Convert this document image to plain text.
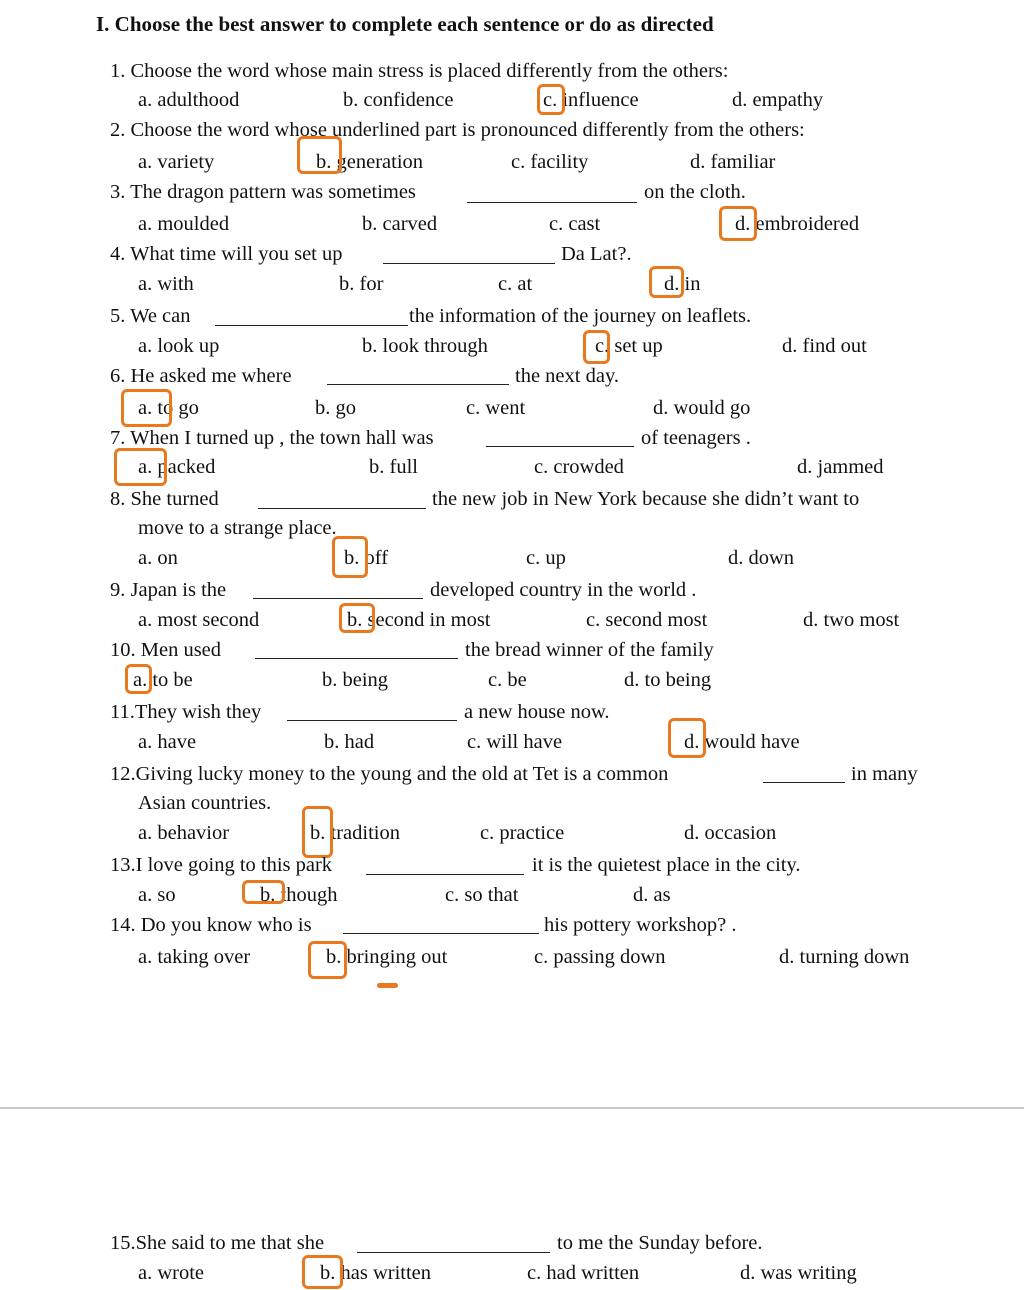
I. Choose the best answer to complete each sentence or do as directed
1. Choose the word whose main stress is placed differently from the others:
a. adulthood	b. confidence	c. influence	d. empathy
2. Choose the word whose underlined part is pronounced differently from the others:
a. variety	b. generation	c. facility	d. familiar
3. The dragon pattern was sometimes	on the cloth.
a. moulded	b. carved	c. cast	d. embroidered
4. What time will you set up	Da Lat?.
a. with	b. for	c. at	d. in
5. We can	the information of the journey on leaflets.
a. look up	b. look through	c. set up	d. find out
6. He asked me where	the next day.
a. to go	b. go	c. went	d. would go
7. When I turned up , the town hall was	of teenagers .
a. packed	b. full	c. crowded	d. jammed
8. She turned	the new job in New York because she didn’t want to
move to a strange place.
a. on	b. off	c. up	d. down
9. Japan is the	developed country in the world .
a. most second	b. second in most	c. second most	d. two most
10. Men used	the bread winner of the family
a. to be	b. being	c. be	d. to being
11.They wish they	a new house now.
a. have	b. had	c. will have	d. would have
12.Giving lucky money to the young and the old at Tet is a common	in many
Asian countries.
a. behavior	b. tradition	c. practice	d. occasion
13.I love going to this park	it is the quietest place in the city.
a. so	b. though	c. so that	d. as
14. Do you know who is	his pottery workshop? .
a. taking over	b. bringing out	c. passing down	d. turning down
15.She said to me that she	to me the Sunday before.
a. wrote	b. has written	c. had written	d. was writing
